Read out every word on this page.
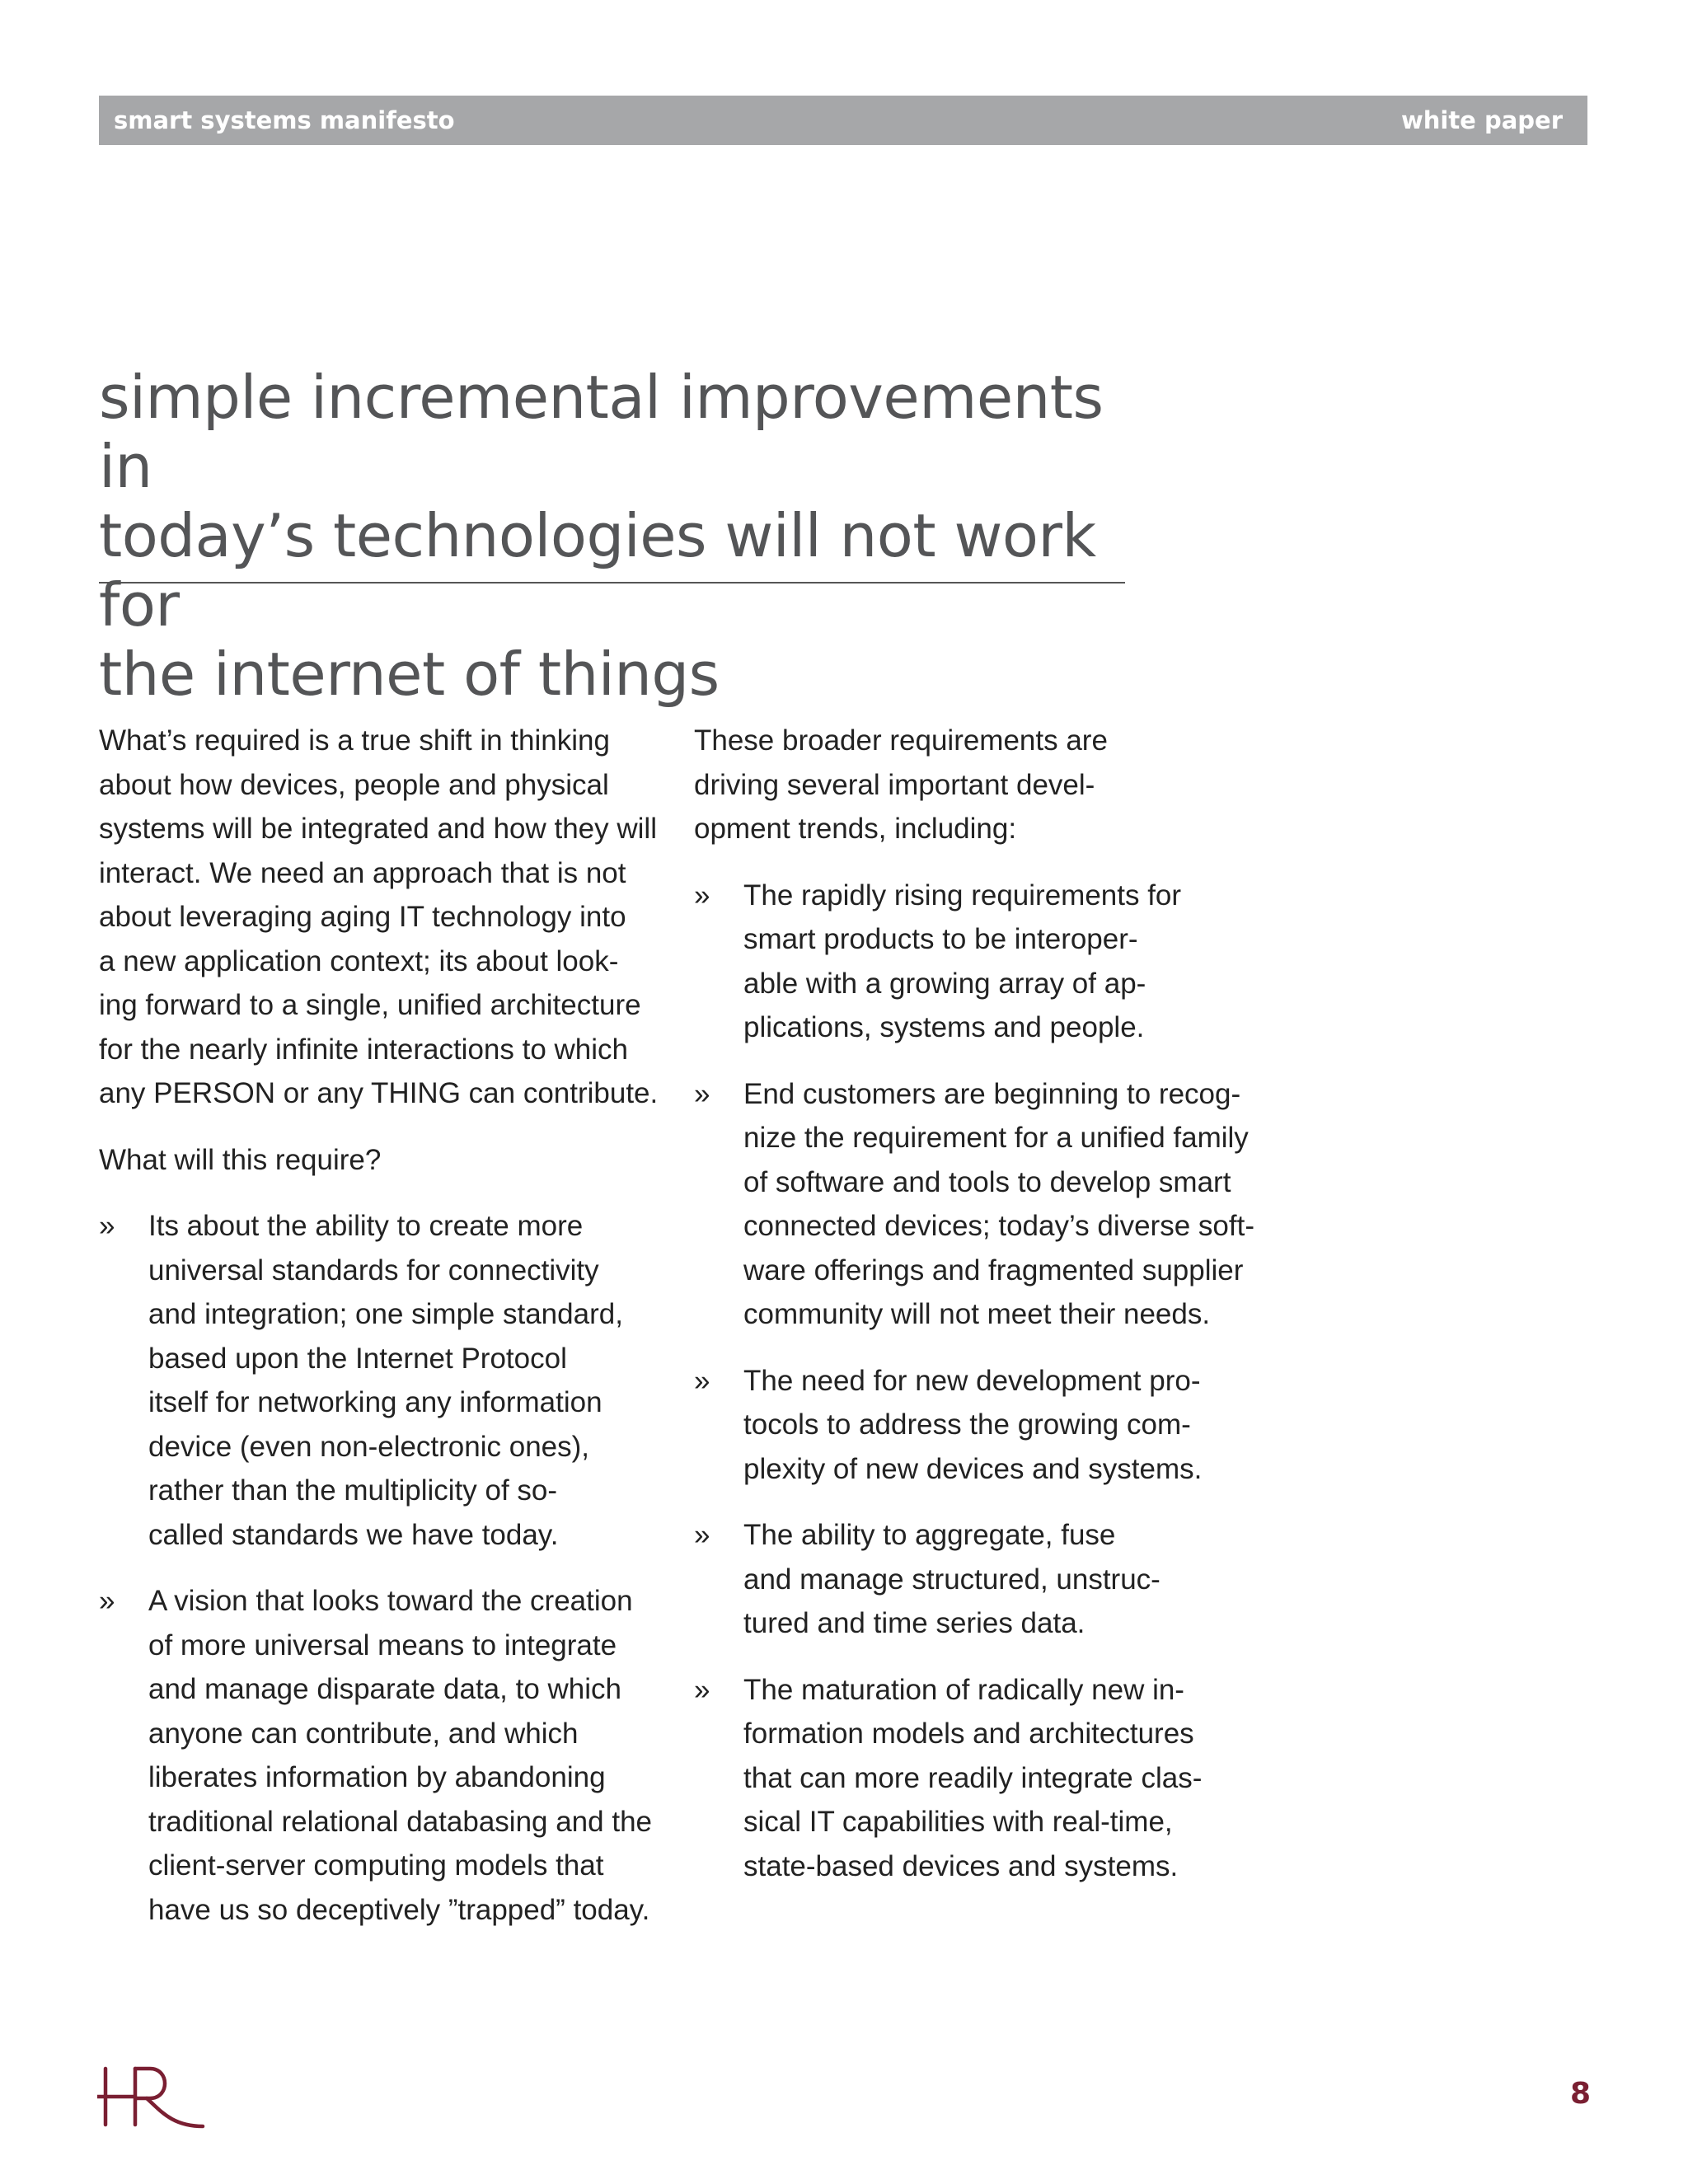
smart systems manifesto	white paper
simple incremental improvements in
today’s technologies will not work for
the internet of things

What’s required is a true shift in thinking
about how devices, people and physical
systems will be integrated and how they will
interact. We need an approach that is not
about leveraging aging IT technology into
a new application context; its about look-
ing forward to a single, unified architecture
for the nearly infinite interactions to which
any PERSON or any THING can contribute.

What will this require?

» Its about the ability to create more
universal standards for connectivity
and integration; one simple standard,
based upon the Internet Protocol
itself for networking any information
device (even non-electronic ones),
rather than the multiplicity of so-
called standards we have today.
» A vision that looks toward the creation
of more universal means to integrate
and manage disparate data, to which
anyone can contribute, and which
liberates information by abandoning
traditional relational databasing and the
client-server computing models that
have us so deceptively ”trapped” today.

These broader requirements are
driving several important devel-
opment trends, including:

» The rapidly rising requirements for
smart products to be interoper-
able with a growing array of ap-
plications, systems and people.
» End customers are beginning to recog-
nize the requirement for a unified family
of software and tools to develop smart
connected devices; today’s diverse soft-
ware offerings and fragmented supplier
community will not meet their needs.
» The need for new development pro-
tocols to address the growing com-
plexity of new devices and systems.
» The ability to aggregate, fuse
and manage structured, unstruc-
tured and time series data.
» The maturation of radically new in-
formation models and architectures
that can more readily integrate clas-
sical IT capabilities with real-time,
state-based devices and systems.
8
